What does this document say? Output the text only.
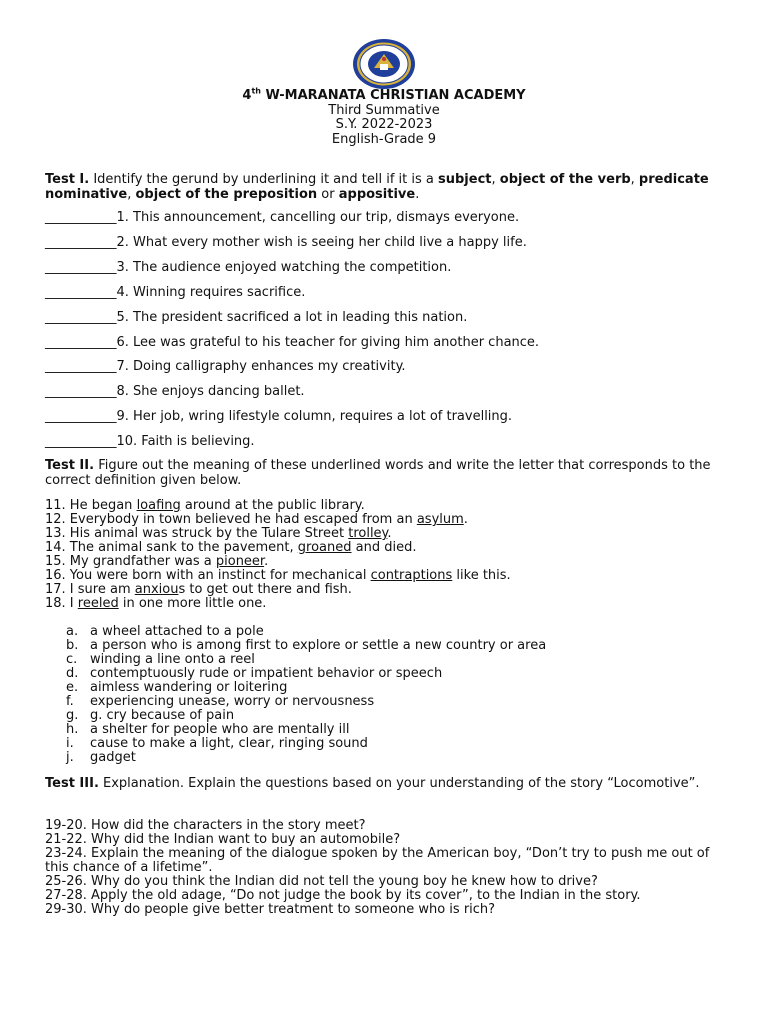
4th W-MARANATA CHRISTIAN ACADEMY
Third Summative
S.Y. 2022-2023
English-Grade 9
Test I. Identify the gerund by underlining it and tell if it is a subject, object of the verb, predicate nominative, object of the preposition or appositive.
___________1. This announcement, cancelling our trip, dismays everyone.
___________2. What every mother wish is seeing her child live a happy life.
___________3. The audience enjoyed watching the competition.
___________4. Winning requires sacrifice.
___________5. The president sacrificed a lot in leading this nation.
___________6. Lee was grateful to his teacher for giving him another chance.
___________7. Doing calligraphy enhances my creativity.
___________8. She enjoys dancing ballet.
___________9. Her job, wring lifestyle column, requires a lot of travelling.
___________10. Faith is believing.
Test II. Figure out the meaning of these underlined words and write the letter that corresponds to the correct definition given below.
11. He began loafing around at the public library.
12. Everybody in town believed he had escaped from an asylum.
13. His animal was struck by the Tulare Street trolley.
14. The animal sank to the pavement, groaned and died.
15. My grandfather was a pioneer.
16. You were born with an instinct for mechanical contraptions like this.
17. I sure am anxious to get out there and fish.
18. I reeled in one more little one.
a. a wheel attached to a pole
b. a person who is among first to explore or settle a new country or area
c. winding a line onto a reel
d. contemptuously rude or impatient behavior or speech
e. aimless wandering or loitering
f.	experiencing unease, worry or nervousness
g. g. cry because of pain
h. a shelter for people who are mentally ill
i.	cause to make a light, clear, ringing sound
j.	gadget
Test III. Explanation. Explain the questions based on your understanding of the story “Locomotive”.
19-20. How did the characters in the story meet?
21-22. Why did the Indian want to buy an automobile?
23-24. Explain the meaning of the dialogue spoken by the American boy, “Don’t try to push me out of this chance of a lifetime”.
25-26. Why do you think the Indian did not tell the young boy he knew how to drive?
27-28. Apply the old adage, “Do not judge the book by its cover”, to the Indian in the story.
29-30. Why do people give better treatment to someone who is rich?
